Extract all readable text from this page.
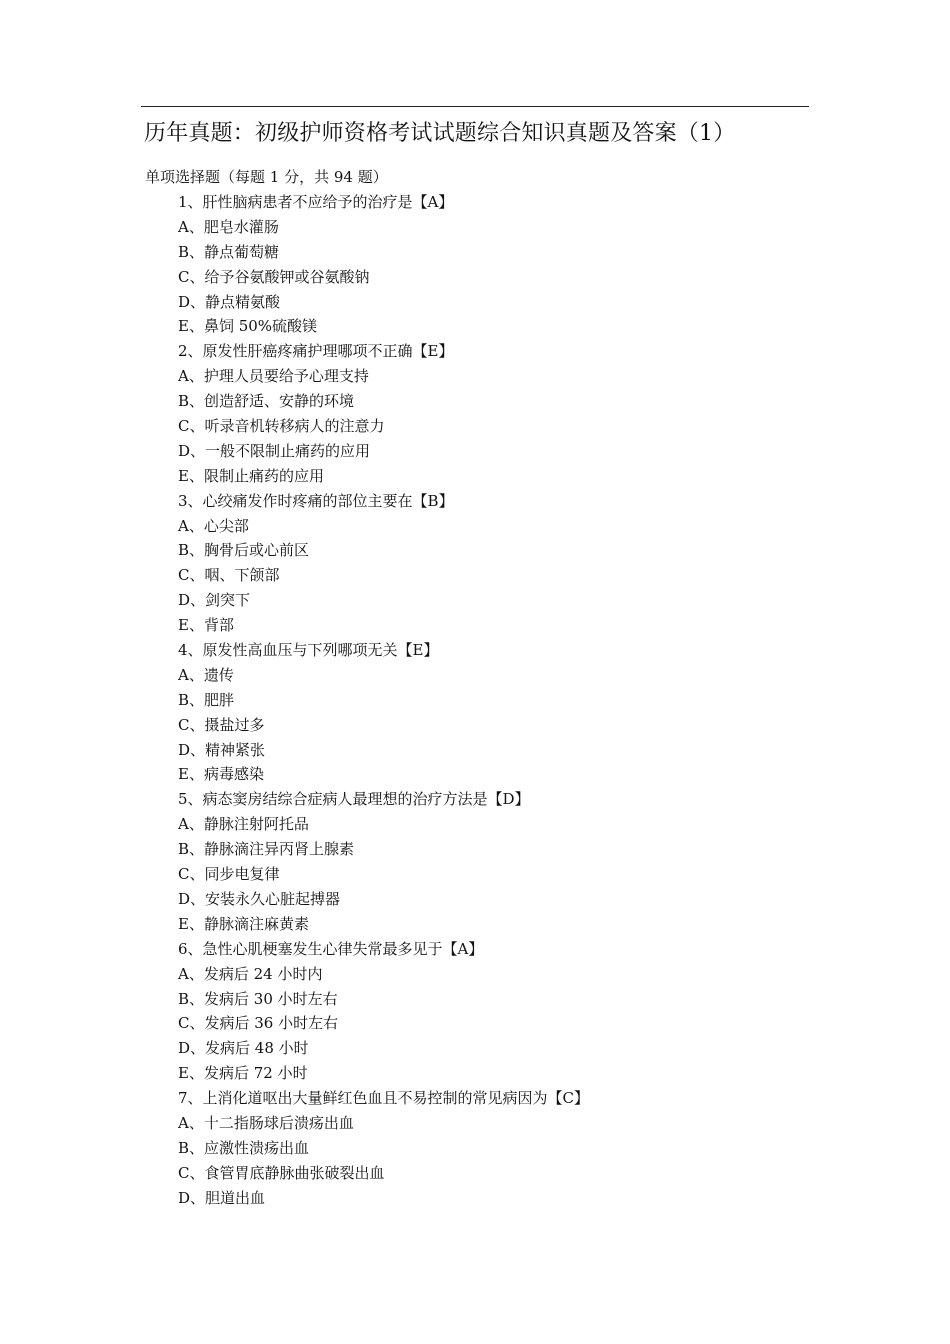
历年真题：初级护师资格考试试题综合知识真题及答案（1）
单项选择题（每题 1 分，共 94 题）
1、肝性脑病患者不应给予的治疗是【A】
A、肥皂水灌肠
B、静点葡萄糖
C、给予谷氨酸钾或谷氨酸钠
D、静点精氨酸
E、鼻饲 50%硫酸镁
2、原发性肝癌疼痛护理哪项不正确【E】
A、护理人员要给予心理支持
B、创造舒适、安静的环境
C、听录音机转移病人的注意力
D、一般不限制止痛药的应用
E、限制止痛药的应用
3、心绞痛发作时疼痛的部位主要在【B】
A、心尖部
B、胸骨后或心前区
C、咽、下颌部
D、剑突下
E、背部
4、原发性高血压与下列哪项无关【E】
A、遗传
B、肥胖
C、摄盐过多
D、精神紧张
E、病毒感染
5、病态窦房结综合症病人最理想的治疗方法是【D】
A、静脉注射阿托品
B、静脉滴注异丙肾上腺素
C、同步电复律
D、安装永久心脏起搏器
E、静脉滴注麻黄素
6、急性心肌梗塞发生心律失常最多见于【A】
A、发病后 24 小时内
B、发病后 30 小时左右
C、发病后 36 小时左右
D、发病后 48 小时
E、发病后 72 小时
7、上消化道呕出大量鲜红色血且不易控制的常见病因为【C】
A、十二指肠球后溃疡出血
B、应激性溃疡出血
C、食管胃底静脉曲张破裂出血
D、胆道出血
